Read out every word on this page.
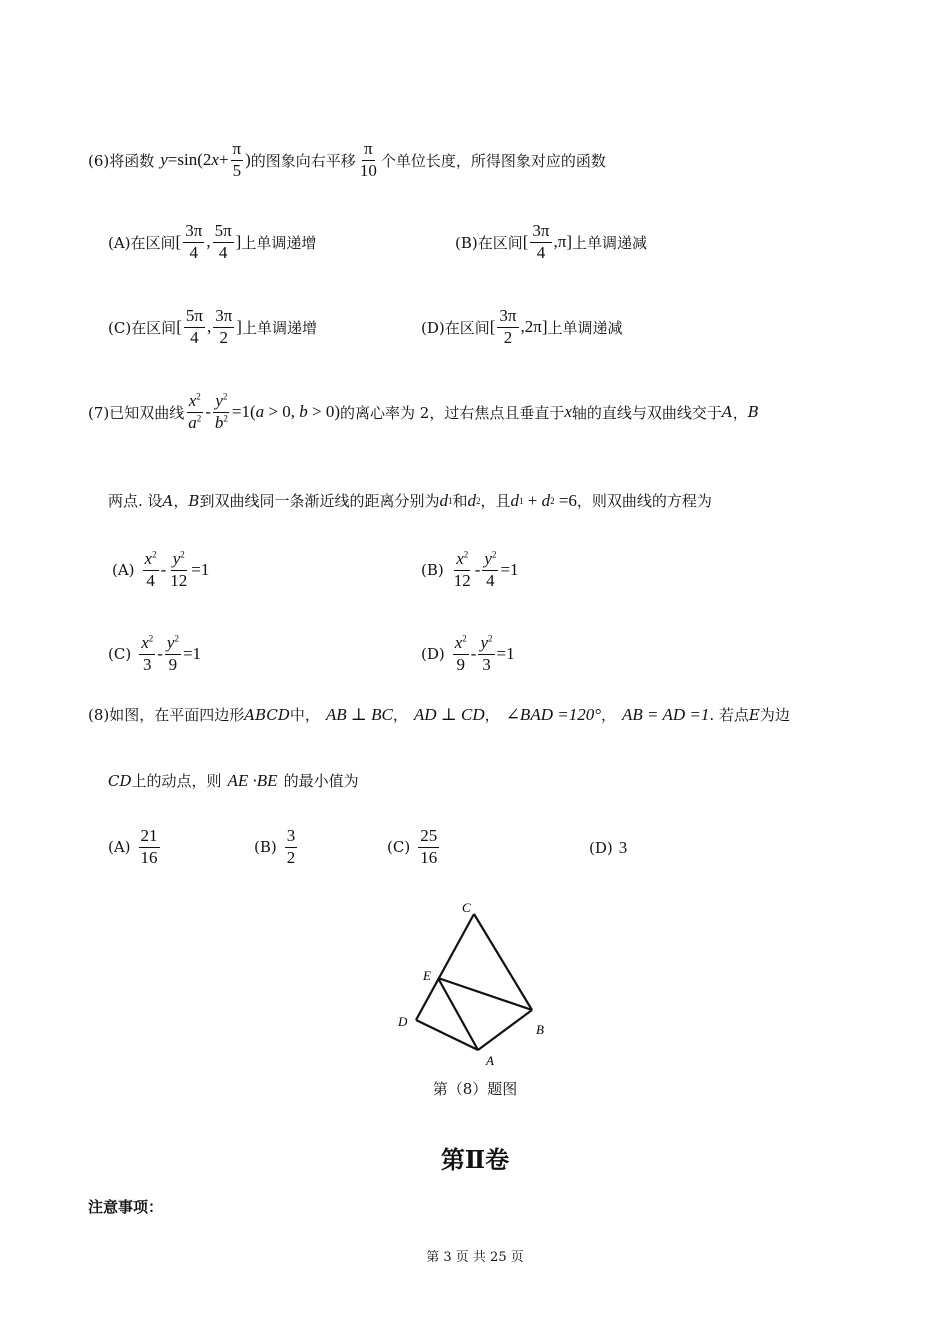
(6)将函数 y =sin(2 $x + \frac{\pi}{5}$ ) 的图象向右平移 $\frac{\pi}{10}$ 个单位长度，所得图象对应的函数
(A)在区间 [ $\frac{3\pi}{4}$ , $\frac{5\pi}{4}$ ] 上单调递增	(B)在区间 [ $\frac{3\pi}{4}$ , π ] 上单调递减
(C)在区间 [ $\frac{5\pi}{4}$ , $\frac{3\pi}{2}$ ] 上单调递增	(D)在区间 [ $\frac{3\pi}{2}$ , 2π ] 上单调递减
(7)已知双曲线 $\frac{x^2}{a^2} - \frac{y^2}{b^2} =1$( a > 0, b > 0) 的离心率为 2，过右焦点且垂直于 x 轴的直线与双曲线交于 A ， B
两点. 设 A ， B 到双曲线同一条渐近线的距离分别为 d 1 和 d 2 ，且 d 1 + d 2 =6 ，则双曲线的方程为
$(A) \frac{x^2}{4} - \frac{y^2}{12} =1$	$(B) \frac{x^2}{12} - \frac{y^2}{4} =1$
$(C) \frac{x^2}{3} - \frac{y^2}{9} =1$	$(D) \frac{x^2}{9} - \frac{y^2}{3} =1$
(8)如图，在平面四边形 ABCD 中， AB ⊥ BC ， AD ⊥ CD ， ∠BAD =120° ， AB = AD =1 . 若点 E 为边
CD 上的动点，则 AE ·BE 的最小值为
$(A) \frac{21}{16}$	$(B) \frac{3}{2}$	$(C) \frac{25}{16}$	(D) 3
C
E
D
B
A
第（8）题图
第Ⅱ卷
注意事项：
第 3 页 共 25 页
